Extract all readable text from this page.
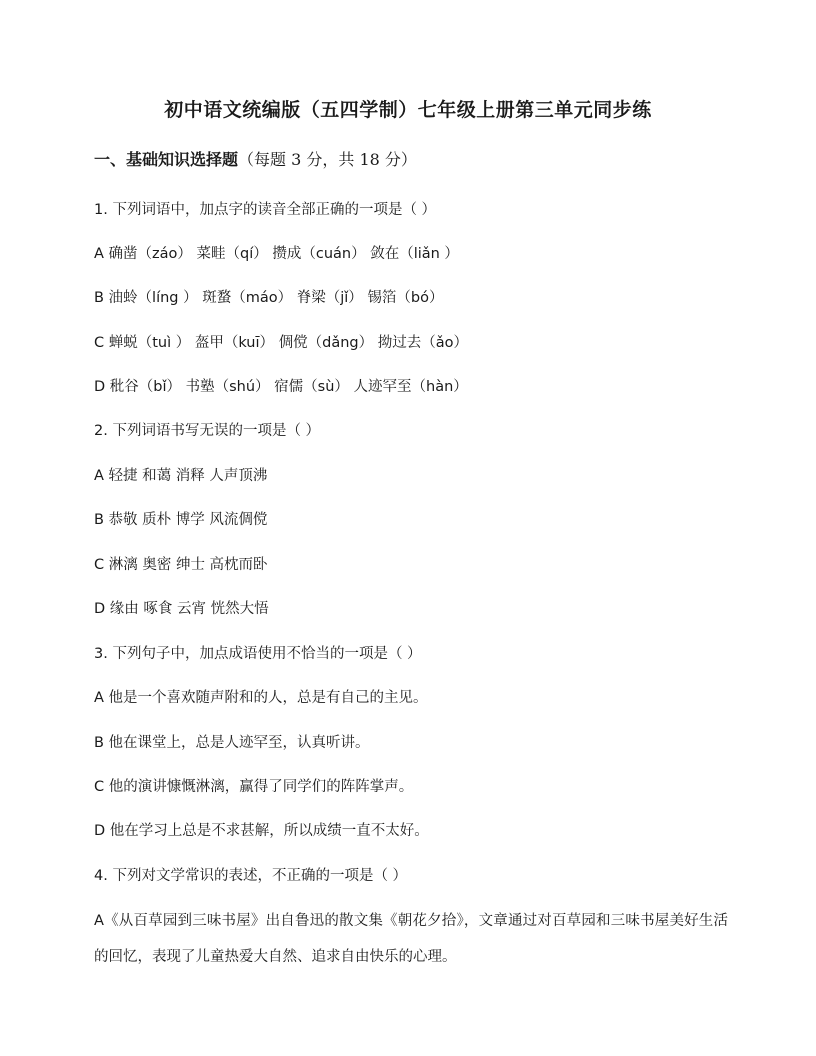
初中语文统编版（五四学制）七年级上册第三单元同步练
一、基础知识选择题（每题 3 分，共 18 分）
1. 下列词语中，加点字的读音全部正确的一项是（ ）
A 确凿（záo） 菜畦（qí） 攒成（cuán） 敛在（liǎn ）
B 油蛉（líng ） 斑蝥（máo） 脊梁（jǐ） 锡箔（bó）
C 蝉蜕（tuì ） 盔甲（kuī） 倜傥（dǎng） 拗过去（ǎo）
D 秕谷（bǐ） 书塾（shú） 宿儒（sù） 人迹罕至（hàn）
2. 下列词语书写无误的一项是（ ）
A 轻捷 和蔼 消释 人声顶沸
B 恭敬 质朴 博学 风流倜傥
C 淋漓 奥密 绅士 高枕而卧
D 缘由 啄食 云宵 恍然大悟
3. 下列句子中，加点成语使用不恰当的一项是（ ）
A 他是一个喜欢随声附和的人，总是有自己的主见。
B 他在课堂上，总是人迹罕至，认真听讲。
C 他的演讲慷慨淋漓，赢得了同学们的阵阵掌声。
D 他在学习上总是不求甚解，所以成绩一直不太好。
4. 下列对文学常识的表述，不正确的一项是（ ）
A《从百草园到三味书屋》出自鲁迅的散文集《朝花夕拾》，文章通过对百草园和三味书屋美好生活的回忆，表现了儿童热爱大自然、追求自由快乐的心理。
